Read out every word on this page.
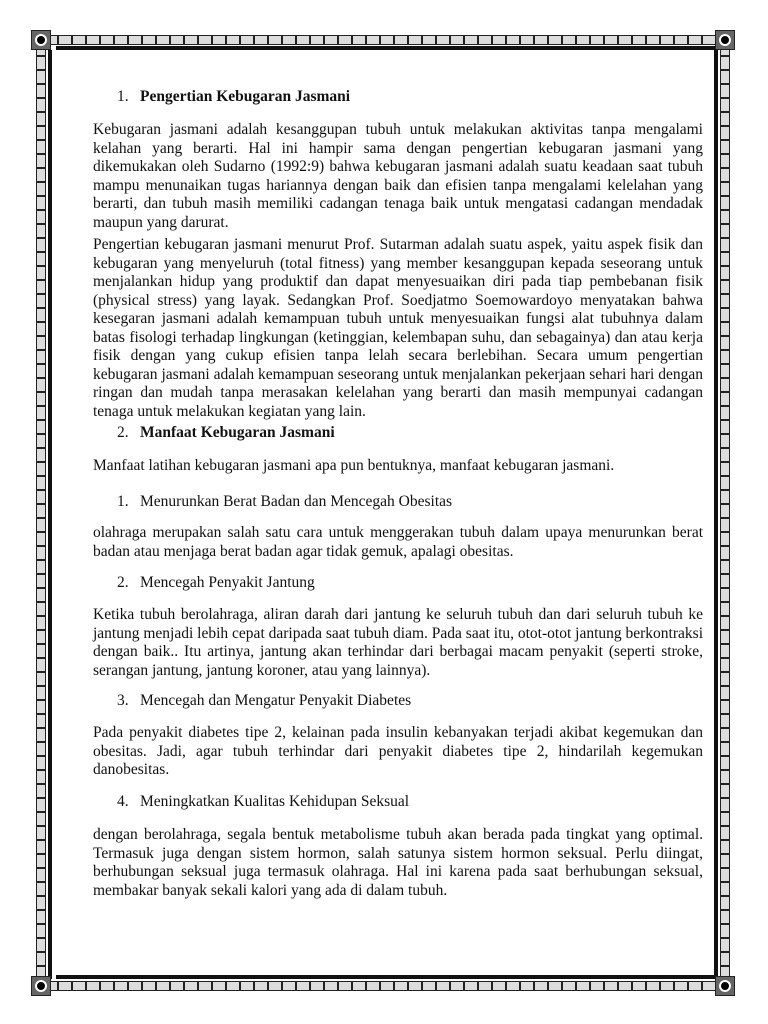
1. Pengertian Kebugaran Jasmani

Kebugaran jasmani adalah kesanggupan tubuh untuk melakukan aktivitas tanpa mengalami kelahan yang berarti. Hal ini hampir sama dengan pengertian kebugaran jasmani yang dikemukakan oleh Sudarno (1992:9) bahwa kebugaran jasmani adalah suatu keadaan saat tubuh mampu menunaikan tugas hariannya dengan baik dan efisien tanpa mengalami kelelahan yang berarti, dan tubuh masih memiliki cadangan tenaga baik untuk mengatasi cadangan mendadak maupun yang darurat.

Pengertian kebugaran jasmani menurut Prof. Sutarman adalah suatu aspek, yaitu aspek fisik dan kebugaran yang menyeluruh (total fitness) yang member kesanggupan kepada seseorang untuk menjalankan hidup yang produktif dan dapat menyesuaikan diri pada tiap pembebanan fisik (physical stress) yang layak. Sedangkan Prof. Soedjatmo Soemowardoyo menyatakan bahwa kesegaran jasmani adalah kemampuan tubuh untuk menyesuaikan fungsi alat tubuhnya dalam batas fisologi terhadap lingkungan (ketinggian, kelembapan suhu, dan sebagainya) dan atau kerja fisik dengan yang cukup efisien tanpa lelah secara berlebihan. Secara umum pengertian kebugaran jasmani adalah kemampuan seseorang untuk menjalankan pekerjaan sehari hari dengan ringan dan mudah tanpa merasakan kelelahan yang berarti dan masih mempunyai cadangan tenaga untuk melakukan kegiatan yang lain.

2. Manfaat Kebugaran Jasmani

Manfaat latihan kebugaran jasmani apa pun bentuknya, manfaat kebugaran jasmani.

1. Menurunkan Berat Badan dan Mencegah Obesitas

olahraga merupakan salah satu cara untuk menggerakan tubuh dalam upaya menurunkan berat badan atau menjaga berat badan agar tidak gemuk, apalagi obesitas.

2. Mencegah Penyakit Jantung

Ketika tubuh berolahraga, aliran darah dari jantung ke seluruh tubuh dan dari seluruh tubuh ke jantung menjadi lebih cepat daripada saat tubuh diam. Pada saat itu, otot-otot jantung berkontraksi dengan baik.. Itu artinya, jantung akan terhindar dari berbagai macam penyakit (seperti stroke, serangan jantung, jantung koroner, atau yang lainnya).

3. Mencegah dan Mengatur Penyakit Diabetes

Pada penyakit diabetes tipe 2, kelainan pada insulin kebanyakan terjadi akibat kegemukan dan obesitas. Jadi, agar tubuh terhindar dari penyakit diabetes tipe 2, hindarilah kegemukan danobesitas.

4. Meningkatkan Kualitas Kehidupan Seksual

dengan berolahraga, segala bentuk metabolisme tubuh akan berada pada tingkat yang optimal. Termasuk juga dengan sistem hormon, salah satunya sistem hormon seksual. Perlu diingat, berhubungan seksual juga termasuk olahraga. Hal ini karena pada saat berhubungan seksual, membakar banyak sekali kalori yang ada di dalam tubuh.
